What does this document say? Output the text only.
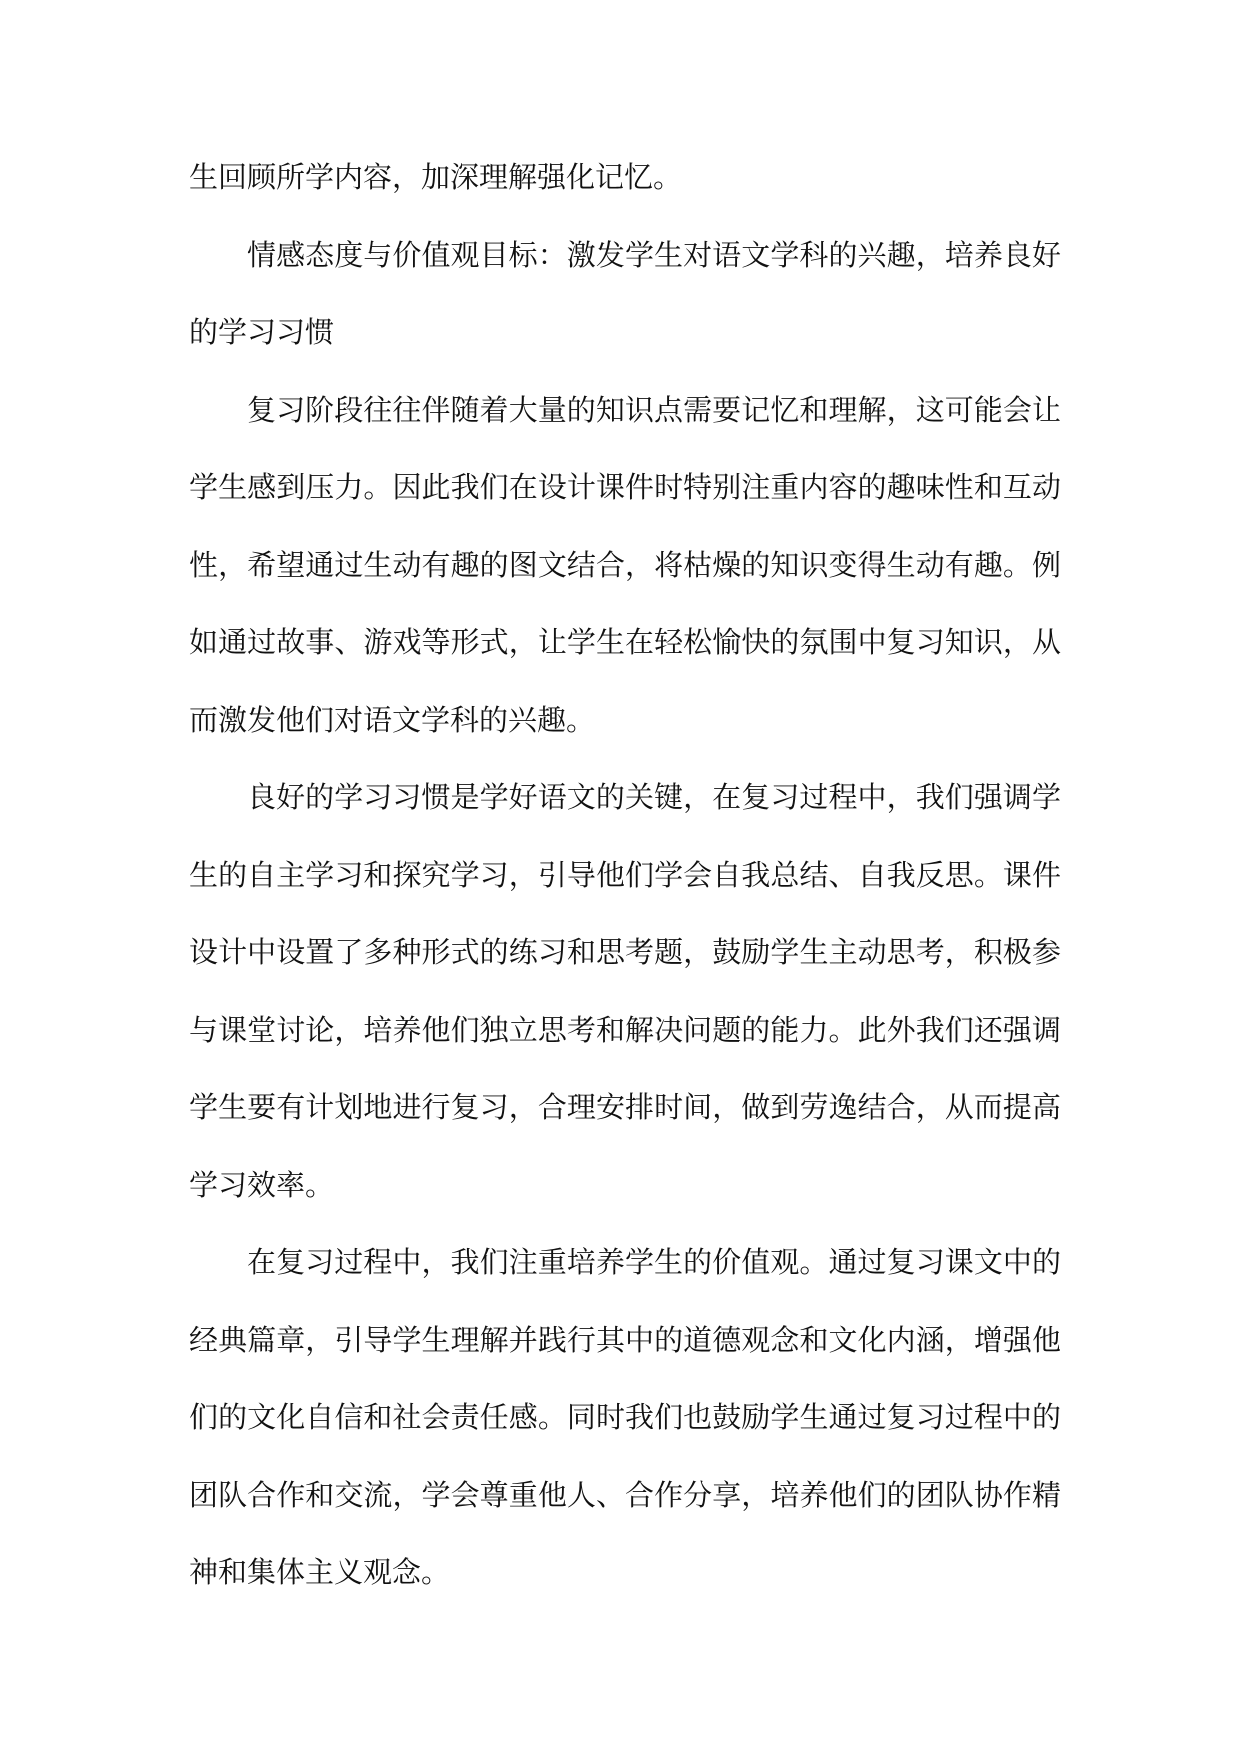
生回顾所学内容，加深理解强化记忆。

情感态度与价值观目标：激发学生对语文学科的兴趣，培养良好的学习习惯

复习阶段往往伴随着大量的知识点需要记忆和理解，这可能会让学生感到压力。因此我们在设计课件时特别注重内容的趣味性和互动性，希望通过生动有趣的图文结合，将枯燥的知识变得生动有趣。例如通过故事、游戏等形式，让学生在轻松愉快的氛围中复习知识，从而激发他们对语文学科的兴趣。

良好的学习习惯是学好语文的关键，在复习过程中，我们强调学生的自主学习和探究学习，引导他们学会自我总结、自我反思。课件设计中设置了多种形式的练习和思考题，鼓励学生主动思考，积极参与课堂讨论，培养他们独立思考和解决问题的能力。此外我们还强调学生要有计划地进行复习，合理安排时间，做到劳逸结合，从而提高学习效率。

在复习过程中，我们注重培养学生的价值观。通过复习课文中的经典篇章，引导学生理解并践行其中的道德观念和文化内涵，增强他们的文化自信和社会责任感。同时我们也鼓励学生通过复习过程中的团队合作和交流，学会尊重他人、合作分享，培养他们的团队协作精神和集体主义观念。
